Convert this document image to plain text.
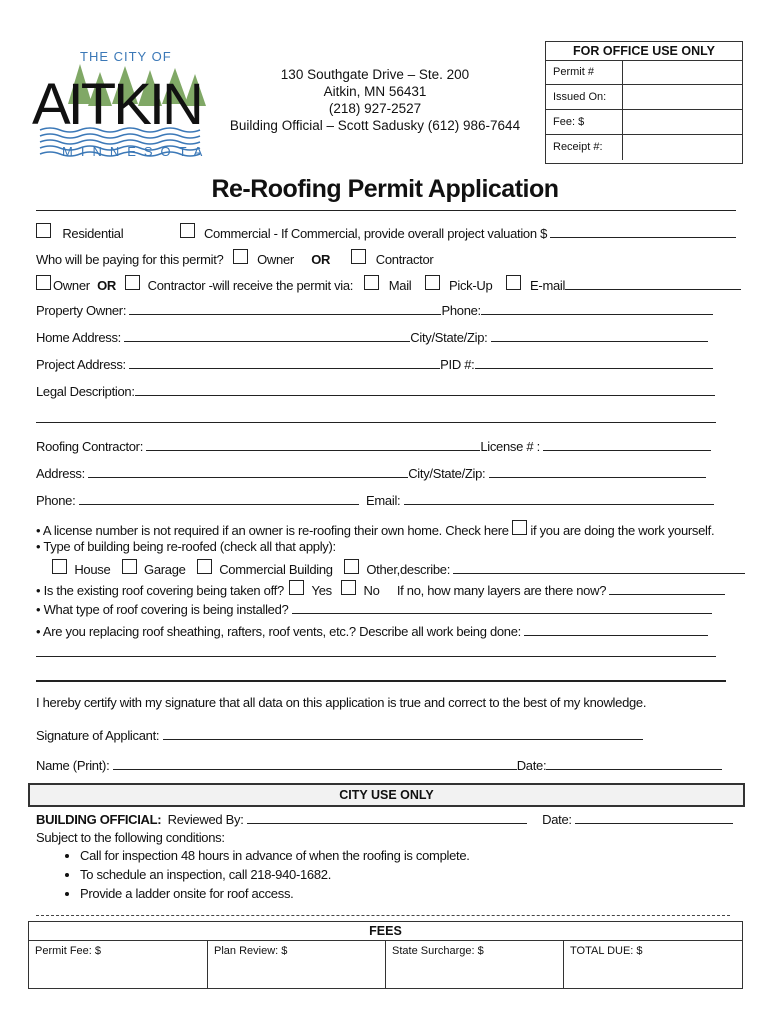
THE CITY OF
AITKIN
MINNESOTA
130 Southgate Drive – Ste. 200
Aitkin, MN 56431
(218) 927-2527
Building Official – Scott Sadusky (612) 986-7644
FOR OFFICE USE ONLY
Permit #
Issued On:
Fee: $
Receipt #:
Re-Roofing Permit Application
Residential	Commercial - If Commercial, provide overall project valuation $
Who will be paying for this permit?	Owner OR	Contractor
Owner OR Contractor -will receive the permit via:	Mail	Pick-Up	E-mail
Property Owner:	Phone:
Home Address:	City/State/Zip:
Project Address:	PID #:
Legal Description:
Roofing Contractor:	License # :
Address:	City/State/Zip:
Phone:	Email:
• A license number is not required if an owner is re-roofing their own home. Check here if you are doing the work yourself.
• Type of building being re-roofed (check all that apply):
House	Garage	Commercial Building	Other,describe:
• Is the existing roof covering being taken off? Yes No If no, how many layers are there now?
• What type of roof covering is being installed?
• Are you replacing roof sheathing, rafters, roof vents, etc.? Describe all work being done:
I hereby certify with my signature that all data on this application is true and correct to the best of my knowledge.
Signature of Applicant:
Name (Print):	Date:
CITY USE ONLY
BUILDING OFFICIAL: Reviewed By:	Date:
Subject to the following conditions:
• Call for inspection 48 hours in advance of when the roofing is complete.
• To schedule an inspection, call 218-940-1682.
• Provide a ladder onsite for roof access.
FEES
Permit Fee: $	Plan Review: $	State Surcharge: $	TOTAL DUE: $
